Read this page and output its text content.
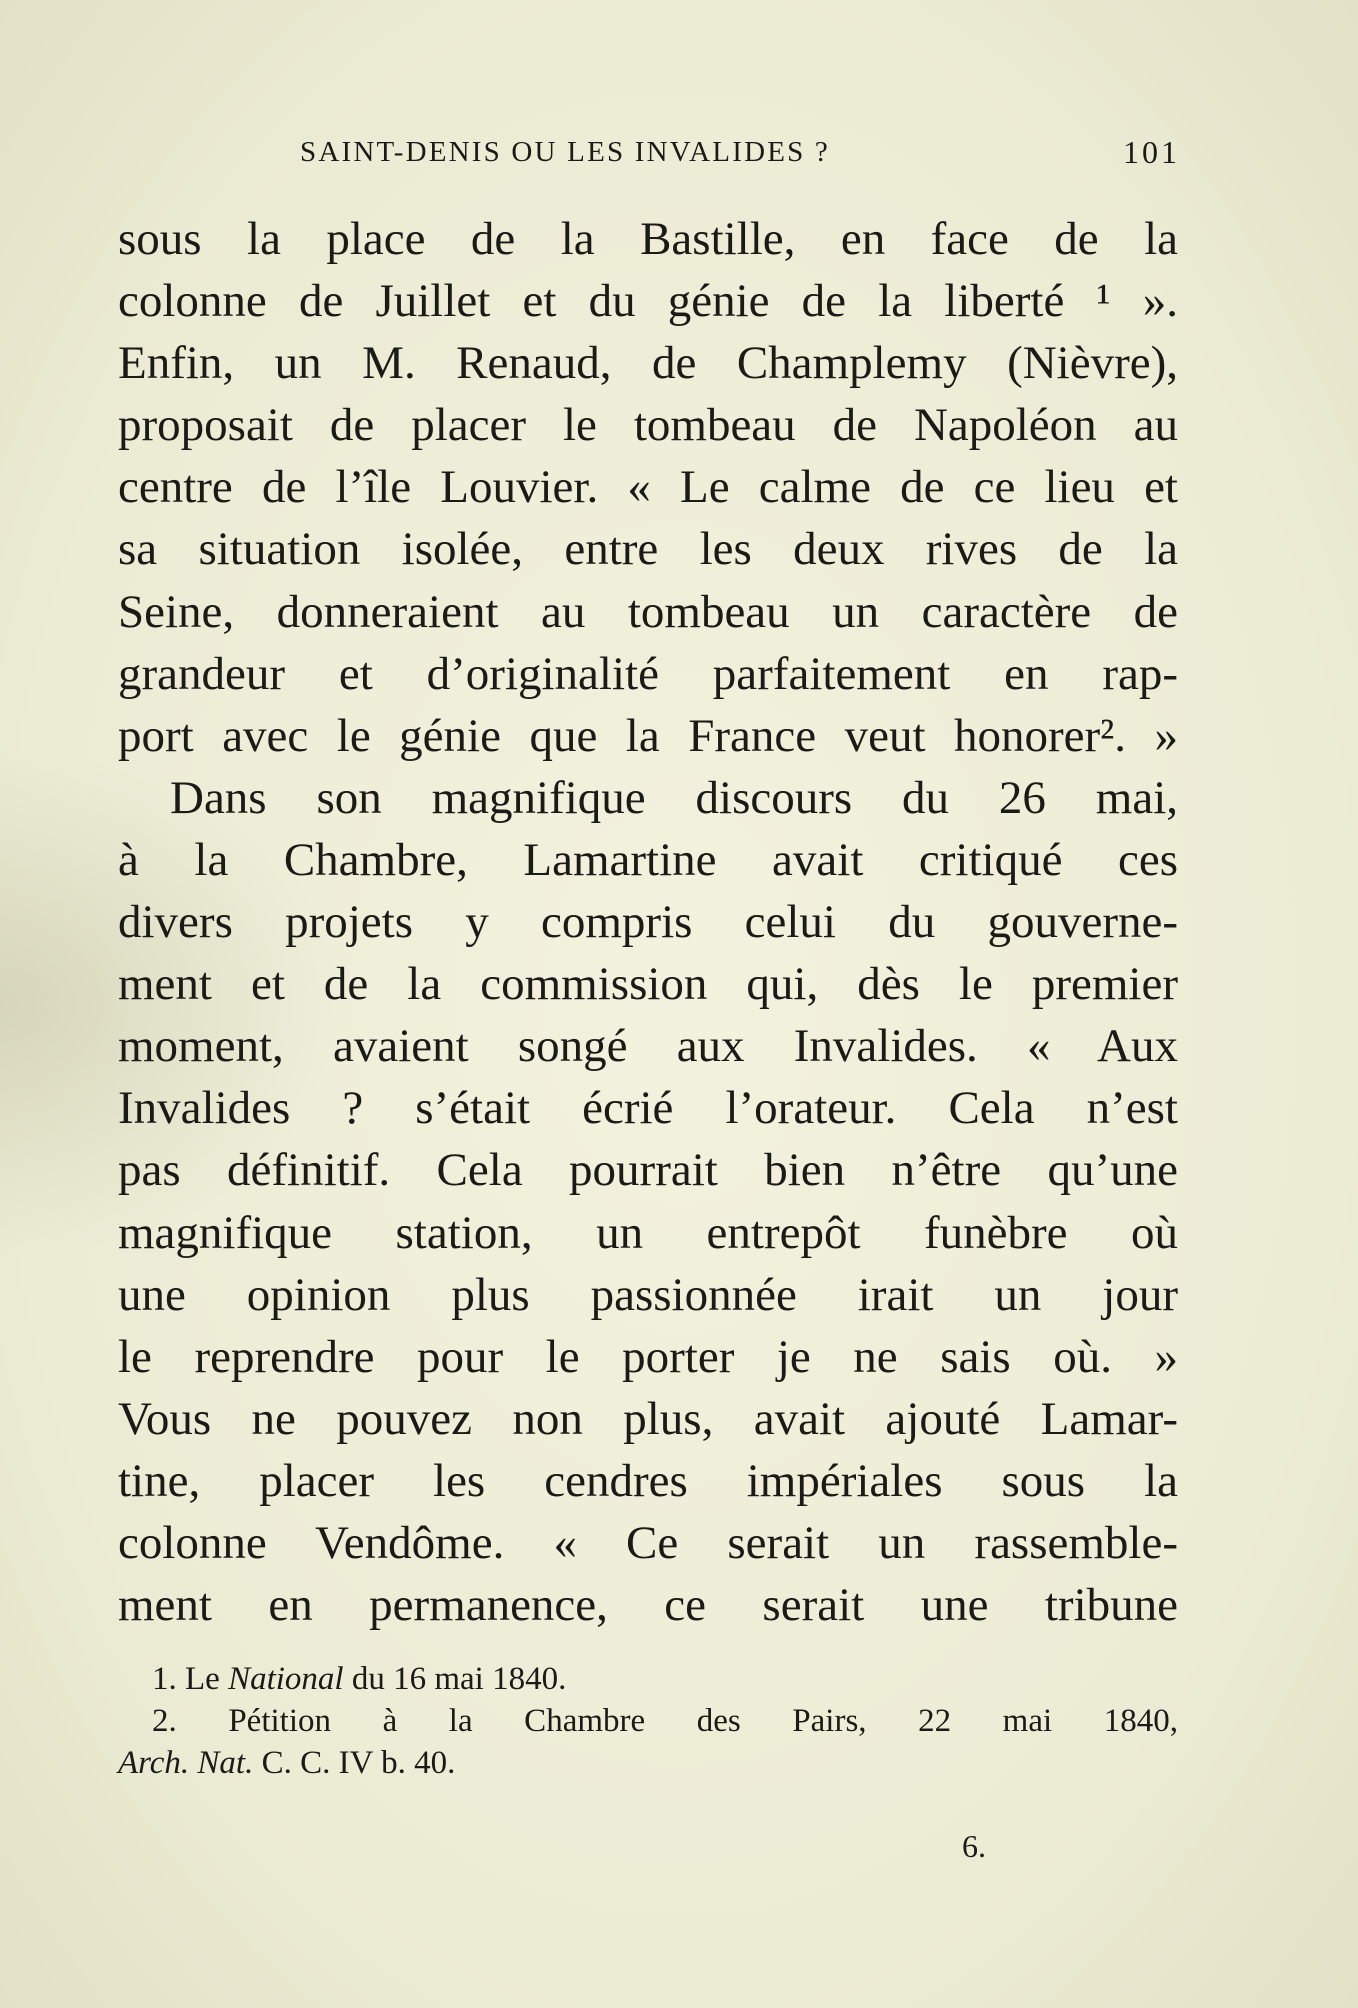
SAINT-DENIS OU LES INVALIDES ?	101
sous la place de la Bastille, en face de la
colonne de Juillet et du génie de la liberté ¹ ».
Enfin, un M. Renaud, de Champlemy (Nièvre),
proposait de placer le tombeau de Napoléon au
centre de l’île Louvier. « Le calme de ce lieu et
sa situation isolée, entre les deux rives de la
Seine, donneraient au tombeau un caractère de
grandeur et d’originalité parfaitement en rap-
port avec le génie que la France veut honorer². »
Dans son magnifique discours du 26 mai,
à la Chambre, Lamartine avait critiqué ces
divers projets y compris celui du gouverne-
ment et de la commission qui, dès le premier
moment, avaient songé aux Invalides. « Aux
Invalides ? s’était écrié l’orateur. Cela n’est
pas définitif. Cela pourrait bien n’être qu’une
magnifique station, un entrepôt funèbre où
une opinion plus passionnée irait un jour
le reprendre pour le porter je ne sais où. »
Vous ne pouvez non plus, avait ajouté Lamar-
tine, placer les cendres impériales sous la
colonne Vendôme. « Ce serait un rassemble-
ment en permanence, ce serait une tribune
1. Le National du 16 mai 1840.
2. Pétition à la Chambre des Pairs, 22 mai 1840,
Arch. Nat. C. C. IV b. 40.
6.
